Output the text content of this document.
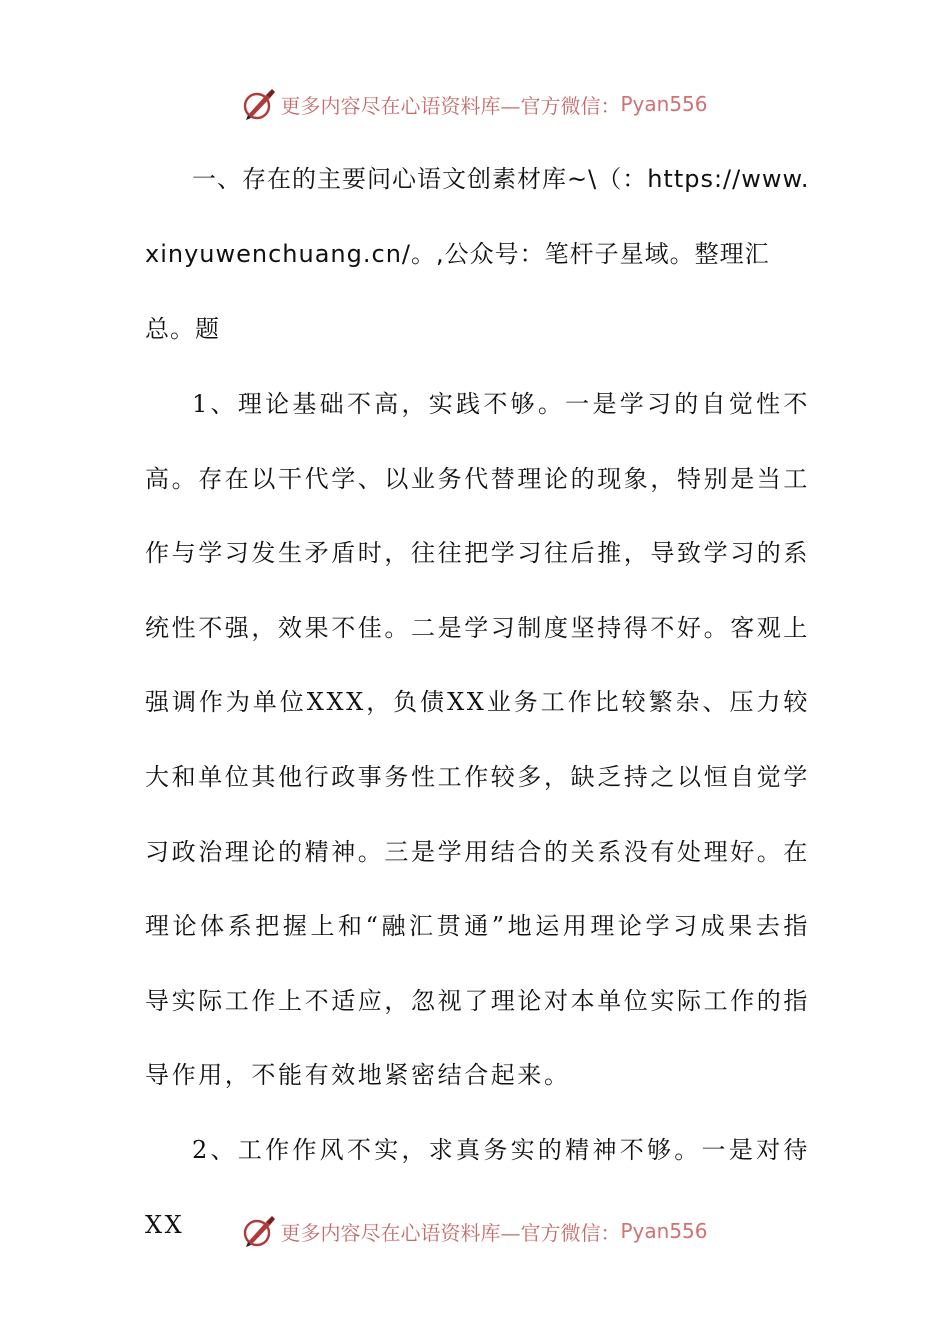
更多内容尽在心语资料库—官方微信： Pyan556

一、存在的主要问心语文创素材库~\（：https://www.xinyuwenchuang.cn/。,公众号：笔杆子星域。整理汇总。题

1、理论基础不高，实践不够。一是学习的自觉性不高。存在以干代学、以业务代替理论的现象，特别是当工作与学习发生矛盾时，往往把学习往后推，导致学习的系统性不强，效果不佳。二是学习制度坚持得不好。客观上强调作为单位XXX，负债XX业务工作比较繁杂、压力较大和单位其他行政事务性工作较多，缺乏持之以恒自觉学习政治理论的精神。三是学用结合的关系没有处理好。在理论体系把握上和“融汇贯通”地运用理论学习成果去指导实际工作上不适应，忽视了理论对本单位实际工作的指导作用，不能有效地紧密结合起来。

2、工作作风不实，求真务实的精神不够。一是对待XX	更多内容尽在心语资料库—官方微信： Pyan556
